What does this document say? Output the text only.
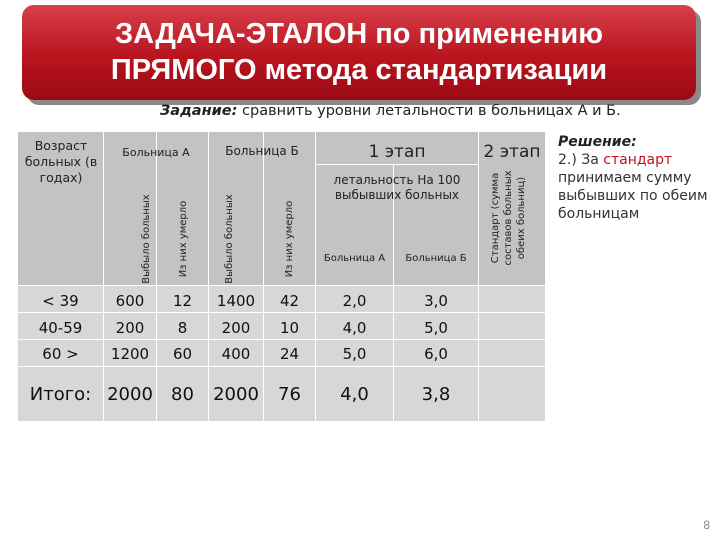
ЗАДАЧА-ЭТАЛОН по применению
ПРЯМОГО метода стандартизации
Задание: сравнить уровни летальности в больницах А и Б.
Возраст больных (в годах)
Больница А	Больница Б
Выбыло больных	Из них умерло	Выбыло больных	Из них умерло
1 этап	2 этап
летальность На 100 выбывших больных
Больница А	Больница Б	Стандарт (сумма составов больных обеих больниц)
< 39	600	12	1400	42	2,0	3,0
40-59	200	8	200	10	4,0	5,0
60 >	1200	60	400	24	5,0	6,0
Итого: 2000	80	2000	76	4,0	3,8
Решение:
2.) За стандарт принимаем сумму выбывших по обеим больницам
8
